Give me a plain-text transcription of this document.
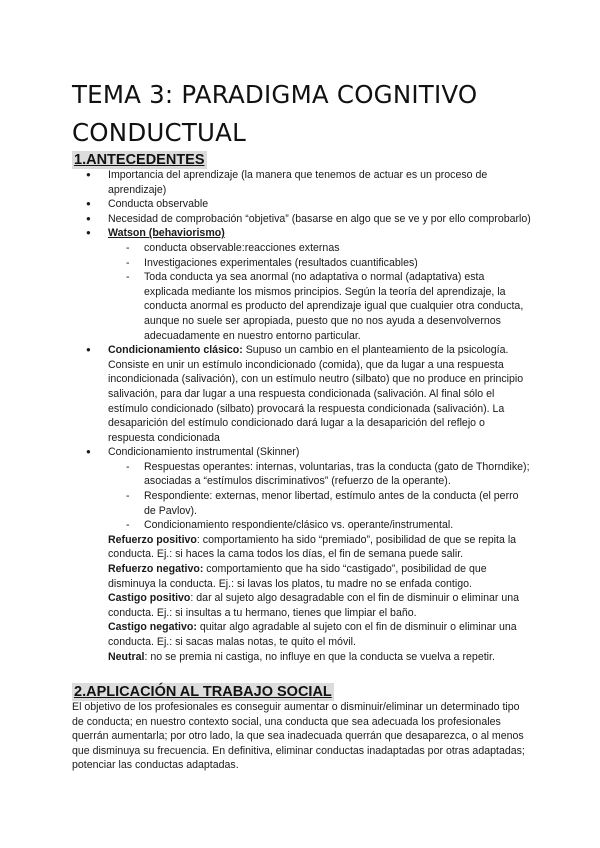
TEMA 3: PARADIGMA COGNITIVO
CONDUCTUAL
1.ANTECEDENTES
● Importancia del aprendizaje (la manera que tenemos de actuar es un proceso de aprendizaje)
● Conducta observable
● Necesidad de comprobación “objetiva” (basarse en algo que se ve y por ello comprobarlo)
● Watson (behaviorismo)
- conducta observable:reacciones externas
- Investigaciones experimentales (resultados cuantificables)
- Toda conducta ya sea anormal (no adaptativa o normal (adaptativa) esta explicada mediante los mismos principios. Según la teoría del aprendizaje, la conducta anormal es producto del aprendizaje igual que cualquier otra conducta, aunque no suele ser apropiada, puesto que no nos ayuda a desenvolvernos adecuadamente en nuestro entorno particular.
● Condicionamiento clásico: Supuso un cambio en el planteamiento de la psicología. Consiste en unir un estímulo incondicionado (comida), que da lugar a una respuesta incondicionada (salivación), con un estímulo neutro (silbato) que no produce en principio salivación, para dar lugar a una respuesta condicionada (salivación. Al final sólo el estímulo condicionado (silbato) provocará la respuesta condicionada (salivación). La desaparición del estímulo condicionado dará lugar a la desaparición del reflejo o respuesta condicionada
● Condicionamiento instrumental (Skinner)
- Respuestas operantes: internas, voluntarias, tras la conducta (gato de Thorndike); asociadas a “estímulos discriminativos” (refuerzo de la operante).
- Respondiente: externas, menor libertad, estímulo antes de la conducta (el perro de Pavlov).
- Condicionamiento respondiente/clásico vs. operante/instrumental.

Refuerzo positivo: comportamiento ha sido “premiado”, posibilidad de que se repita la conducta. Ej.: si haces la cama todos los días, el fin de semana puede salir.

Refuerzo negativo: comportamiento que ha sido “castigado”, posibilidad de que disminuya la conducta. Ej.: si lavas los platos, tu madre no se enfada contigo.

Castigo positivo: dar al sujeto algo desagradable con el fin de disminuir o eliminar una conducta. Ej.: si insultas a tu hermano, tienes que limpiar el baño.

Castigo negativo: quitar algo agradable al sujeto con el fin de disminuir o eliminar una conducta. Ej.: si sacas malas notas, te quito el móvil.

Neutral: no se premia ni castiga, no influye en que la conducta se vuelva a repetir.

2.APLICACIÓN AL TRABAJO SOCIAL

El objetivo de los profesionales es conseguir aumentar o disminuir/eliminar un determinado tipo de conducta; en nuestro contexto social, una conducta que sea adecuada los profesionales querrán aumentarla; por otro lado, la que sea inadecuada querrán que desaparezca, o al menos que disminuya su frecuencia. En definitiva, eliminar conductas inadaptadas por otras adaptadas; potenciar las conductas adaptadas.
